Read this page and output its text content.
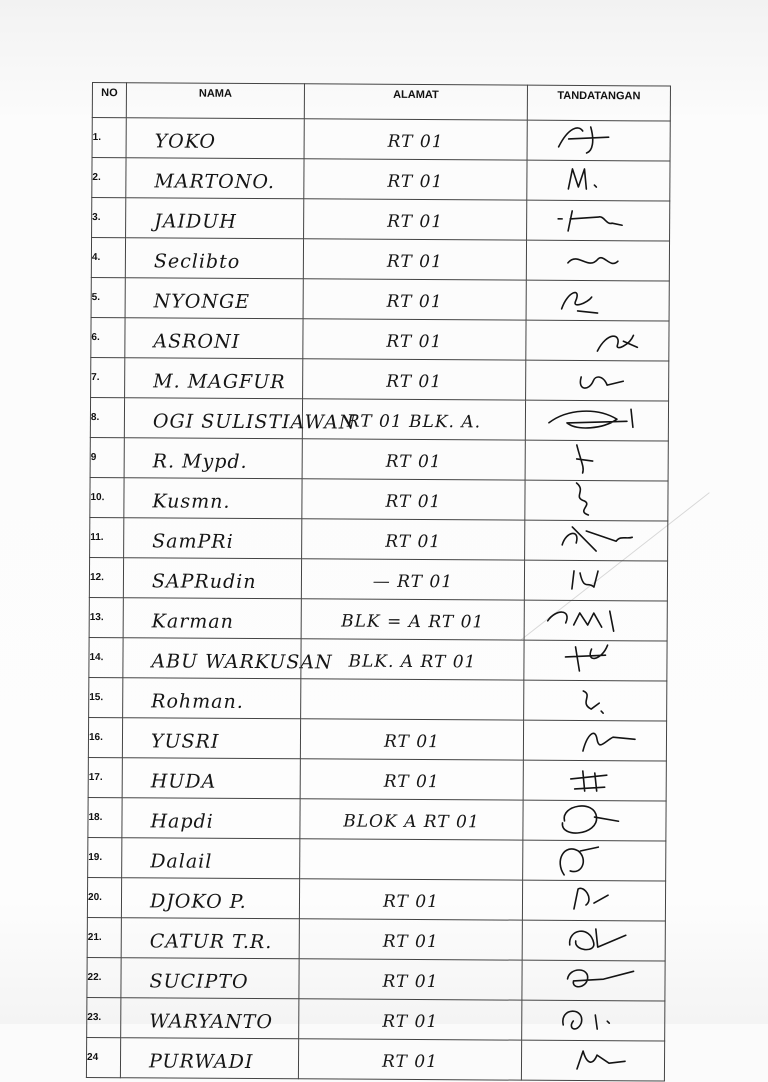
NO	NAMA	ALAMAT	TANDATANGAN
1.	YOKO	RT 01	
2.	MARTONO.	RT 01	
3.	JAIDUH	RT 01	
4.	Seclibto	RT 01	
5.	NYONGE	RT 01	
6.	ASRONI	RT 01	
7.	M. MAGFUR	RT 01	
8.	OGI SULISTIAWAN	RT 01 BLK. A.	
9	R. Mypd.	RT 01	
10.	Kusmn.	RT 01	
11.	SamPRi	RT 01	
12.	SAPRudin	— RT 01	
13.	Karman	BLK = A RT 01	
14.	ABU WARKUSAN	BLK. A RT 01	
15.	Rohman.		
16.	YUSRI	RT 01	
17.	HUDA	RT 01	
18.	Hapdi	BLOK A RT 01	
19.	Dalail		
20.	DJOKO P.	RT 01	
21.	CATUR T.R.	RT 01	
22.	SUCIPTO	RT 01	
23.	WARYANTO	RT 01	
24	PURWADI	RT 01	
